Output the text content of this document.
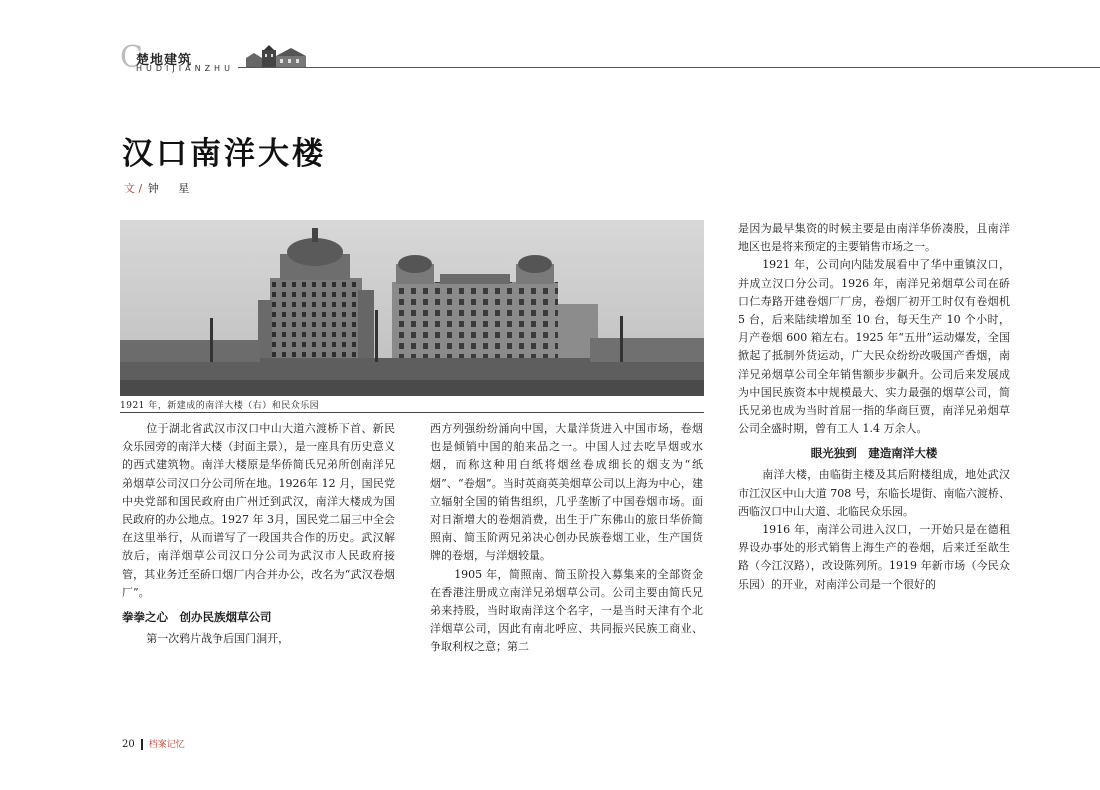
C
楚地建筑
HUDIJIANZHU
汉口南洋大楼
文 / 钟 星
1921 年，新建成的南洋大楼（右）和民众乐园

位于湖北省武汉市汉口中山大道六渡桥下首、新民众乐园旁的南洋大楼（封面主景），是一座具有历史意义的西式建筑物。南洋大楼原是华侨简氏兄弟所创南洋兄弟烟草公司汉口分公司所在地。1926年 12 月，国民党中央党部和国民政府由广州迁到武汉，南洋大楼成为国民政府的办公地点。1927 年 3月，国民党二届三中全会在这里举行，从而谱写了一段国共合作的历史。武汉解放后，南洋烟草公司汉口分公司为武汉市人民政府接管，其业务迁至硚口烟厂内合并办公，改名为“武汉卷烟厂”。

拳拳之心　创办民族烟草公司

第一次鸦片战争后国门洞开，

西方列强纷纷涌向中国，大量洋货进入中国市场，卷烟也是倾销中国的舶来品之一。中国人过去吃旱烟或水烟，而称这种用白纸将烟丝卷成细长的烟支为“纸烟”、“卷烟”。当时英商英美烟草公司以上海为中心，建立辐射全国的销售组织，几乎垄断了中国卷烟市场。面对日渐增大的卷烟消费，出生于广东佛山的旅日华侨简照南、简玉阶两兄弟决心创办民族卷烟工业，生产国货牌的卷烟，与洋烟较量。

1905 年，简照南、简玉阶投入募集来的全部资金在香港注册成立南洋兄弟烟草公司。公司主要由简氏兄弟来持股，当时取南洋这个名字，一是当时天津有个北洋烟草公司，因此有南北呼应、共同振兴民族工商业、争取利权之意；第二

是因为最早集资的时候主要是由南洋华侨凑股，且南洋地区也是将来预定的主要销售市场之一。

1921 年，公司向内陆发展看中了华中重镇汉口，并成立汉口分公司。1926 年，南洋兄弟烟草公司在硚口仁寿路开建卷烟厂厂房，卷烟厂初开工时仅有卷烟机 5 台，后来陆续增加至 10 台，每天生产 10 个小时，月产卷烟 600 箱左右。1925 年“五卅”运动爆发，全国掀起了抵制外货运动，广大民众纷纷改吸国产香烟，南洋兄弟烟草公司全年销售额步步飙升。公司后来发展成为中国民族资本中规模最大、实力最强的烟草公司，简氏兄弟也成为当时首屈一指的华商巨贾，南洋兄弟烟草公司全盛时期，曾有工人 1.4 万余人。

眼光独到　建造南洋大楼

南洋大楼，由临街主楼及其后附楼组成，地处武汉市江汉区中山大道 708 号，东临长堤街、南临六渡桥、西临汉口中山大道、北临民众乐园。

1916 年，南洋公司进入汉口，一开始只是在德租界设办事处的形式销售上海生产的卷烟，后来迁至歆生路（今江汉路），改设陈列所。1919 年新市场（今民众乐园）的开业，对南洋公司是一个很好的

20 档案记忆
